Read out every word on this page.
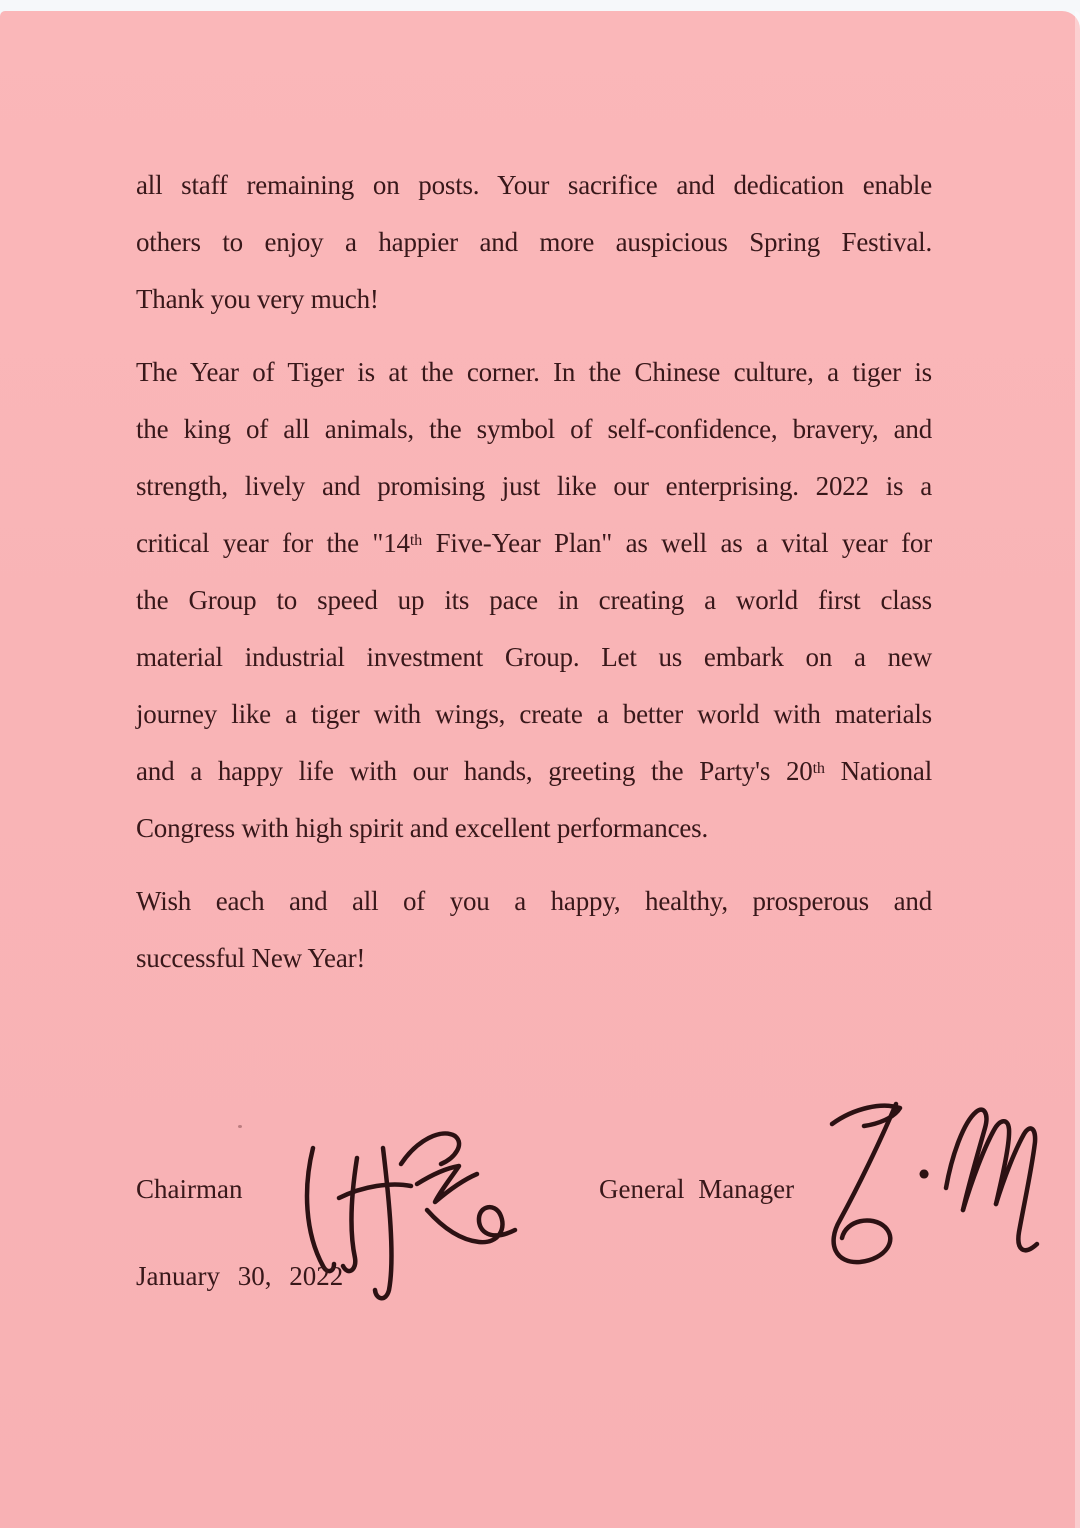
all staff remaining on posts. Your sacrifice and dedication enable
others to enjoy a happier and more auspicious Spring Festival.
Thank you very much!
The Year of Tiger is at the corner. In the Chinese culture, a tiger is
the king of all animals, the symbol of self-confidence, bravery, and
strength, lively and promising just like our enterprising. 2022 is a
critical year for the "14th Five-Year Plan" as well as a vital year for
the Group to speed up its pace in creating a world first class
material industrial investment Group. Let us embark on a new
journey like a tiger with wings, create a better world with materials
and a happy life with our hands, greeting the Party's 20th National
Congress with high spirit and excellent performances.
Wish each and all of you a happy, healthy, prosperous and
successful New Year!
Chairman	General Manager
January 30, 2022
